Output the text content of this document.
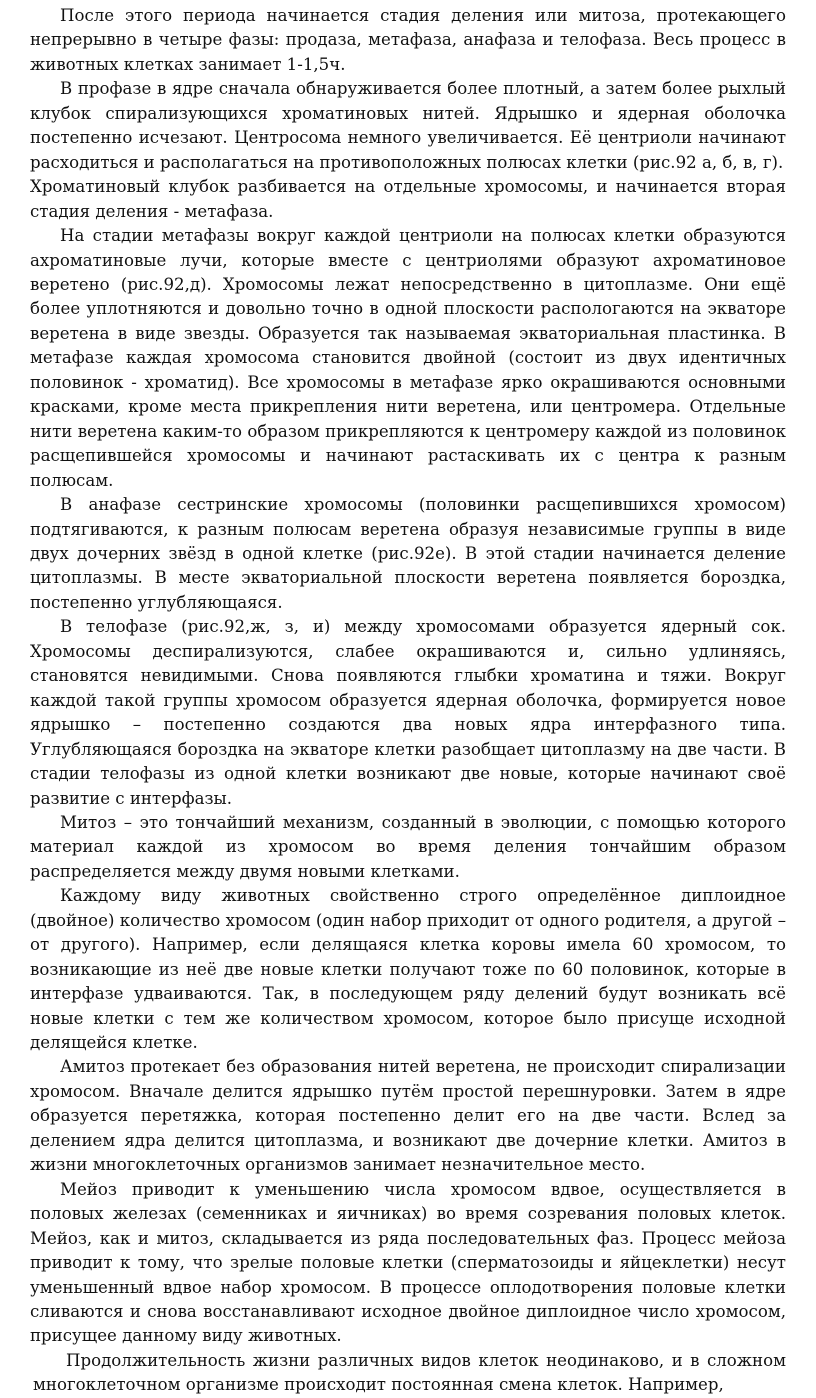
После этого периода начинается стадия деления или митоза, протекающего непрерывно в четыре фазы: продаза, метафаза, анафаза и телофаза. Весь процесс в животных клетках занимает 1-1,5ч.

В профазе в ядре сначала обнаруживается более плотный, а затем более рыхлый клубок спирализующихся хроматиновых нитей. Ядрышко и ядерная оболочка постепенно исчезают. Центросома немного увеличивается. Её центриоли начинают расходиться и располагаться на противоположных полюсах клетки (рис.92 а, б, в, г).

Хроматиновый клубок разбивается на отдельные хромосомы, и начинается вторая стадия деления - метафаза.

На стадии метафазы вокруг каждой центриоли на полюсах клетки образуются ахроматиновые лучи, которые вместе с центриолями образуют ахроматиновое веретено (рис.92,д). Хромосомы лежат непосредственно в цитоплазме. Они ещё более уплотняются и довольно точно в одной плоскости распологаются на экваторе веретена в виде звезды. Образуется так называемая экваториальная пластинка. В метафазе каждая хромосома становится двойной (состоит из двух идентичных половинок - хроматид). Все хромосомы в метафазе ярко окрашиваются основными красками, кроме места прикрепления нити веретена, или центромера. Отдельные нити веретена каким-то образом прикрепляются к центромеру каждой из половинок расщепившейся хромосомы и начинают растаскивать их с центра к разным полюсам.

В анафазе сестринские хромосомы (половинки расщепившихся хромосом) подтягиваются, к разным полюсам веретена образуя независимые группы в виде двух дочерних звёзд в одной клетке (рис.92е). В этой стадии начинается деление цитоплазмы. В месте экваториальной плоскости веретена появляется бороздка, постепенно углубляющаяся.

В телофазе (рис.92,ж, з, и) между хромосомами образуется ядерный сок. Хромосомы деспирализуются, слабее окрашиваются и, сильно удлиняясь, становятся невидимыми. Снова появляются глыбки хроматина и тяжи. Вокруг каждой такой группы хромосом образуется ядерная оболочка, формируется новое ядрышко – постепенно создаются два новых ядра интерфазного типа. Углубляющаяся бороздка на экваторе клетки разобщает цитоплазму на две части. В стадии телофазы из одной клетки возникают две новые, которые начинают своё развитие с интерфазы.

Митоз – это тончайший механизм, созданный в эволюции, с помощью которого материал каждой из хромосом во время деления тончайшим образом распределяется между двумя новыми клетками.

Каждому виду животных свойственно строго определённое диплоидное (двойное) количество хромосом (один набор приходит от одного родителя, а другой – от другого). Например, если делящаяся клетка коровы имела 60 хромосом, то возникающие из неё две новые клетки получают тоже по 60 половинок, которые в интерфазе удваиваются. Так, в последующем ряду делений будут возникать всё новые клетки с тем же количеством хромосом, которое было присуще исходной делящейся клетке.

Амитоз протекает без образования нитей веретена, не происходит спирализации хромосом. Вначале делится ядрышко путём простой перешнуровки. Затем в ядре образуется перетяжка, которая постепенно делит его на две части. Вслед за делением ядра делится цитоплазма, и возникают две дочерние клетки. Амитоз в жизни многоклеточных организмов занимает незначительное место.

Мейоз приводит к уменьшению числа хромосом вдвое, осуществляется в половых железах (семенниках и яичниках) во время созревания половых клеток. Мейоз, как и митоз, складывается из ряда последовательных фаз. Процесс мейоза приводит к тому, что зрелые половые клетки (сперматозоиды и яйцеклетки) несут уменьшенный вдвое набор хромосом. В процессе оплодотворения половые клетки сливаются и снова восстанавливают исходное двойное диплоидное число хромосом, присущее данному виду животных.

Продолжительность жизни различных видов клеток неодинаково, и в сложном многоклеточном организме происходит постоянная смена клеток. Например,
